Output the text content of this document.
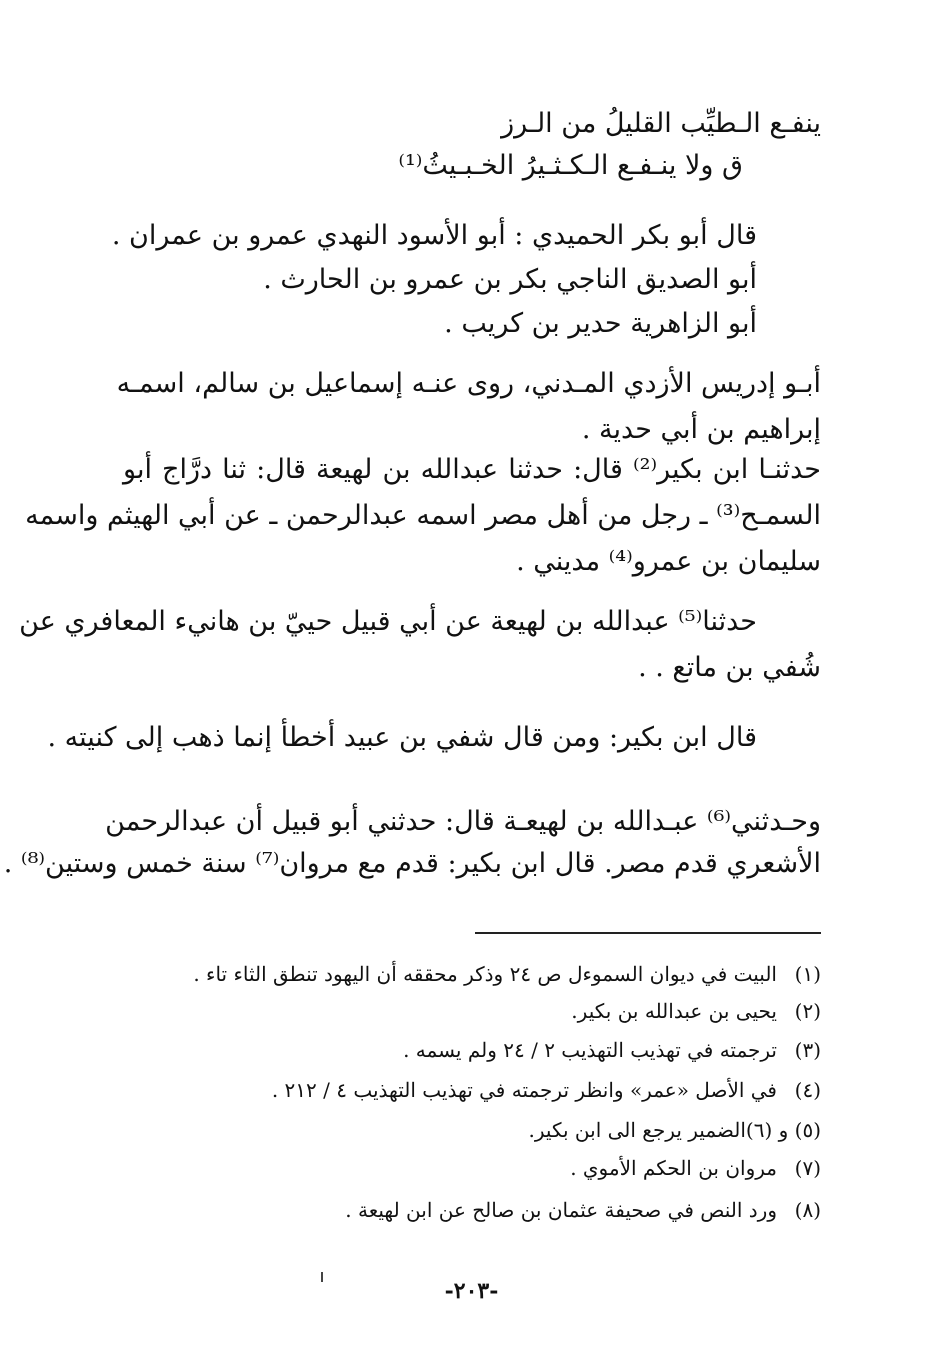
ينفـع الـطيِّب القليلُ من الـرز
ق ولا ينـفـع الـكـثـيرُ الخـبـيثُ⁽¹⁾
قال أبو بكر الحميدي : أبو الأسود النهدي عمرو بن عمران .
أبو الصديق الناجي بكر بن عمرو بن الحارث .
أبو الزاهرية حدير بن كريب .
أبـو إدريس الأزدي المـدني، روى عنـه إسماعيل بن سالم، اسمـه
إبراهيم بن أبي حدية .
حدثنـا ابن بكير⁽²⁾ قال: حدثنا عبدالله بن لهيعة قال: ثنا درَّاج أبو
السمـح⁽³⁾ ـ رجل من أهل مصر اسمه عبدالرحمن ـ عن أبي الهيثم واسمه
سليمان بن عمرو⁽⁴⁾ مديني .
حدثنا⁽⁵⁾ عبدالله بن لهيعة عن أبي قبيل حييّ بن هانيء المعافري عن
شُفي بن ماتع . .
قال ابن بكير: ومن قال شفي بن عبيد أخطأ إنما ذهب إلى كنيته .
وحـدثني⁽⁶⁾ عبـدالله بن لهيعـة قال: حدثني أبو قبيل أن عبدالرحمن
الأشعري قدم مصر. قال ابن بكير: قدم مع مروان⁽⁷⁾ سنة خمس وستين⁽⁸⁾ .
(١)البيت في ديوان السموءل ص ٢٤ وذكر محققه أن اليهود تنطق الثاء تاء .
(٢)يحيى بن عبدالله بن بكير.
(٣)ترجمته في تهذيب التهذيب ٢ / ٢٤ ولم يسمه .
(٤)في الأصل «عمر» وانظر ترجمته في تهذيب التهذيب ٤ / ٢١٢ .
(٥) و (٦)الضمير يرجع الى ابن بكير.
(٧)مروان بن الحكم الأموي .
(٨)ورد النص في صحيفة عثمان بن صالح عن ابن لهيعة .
-٢٠٣-
